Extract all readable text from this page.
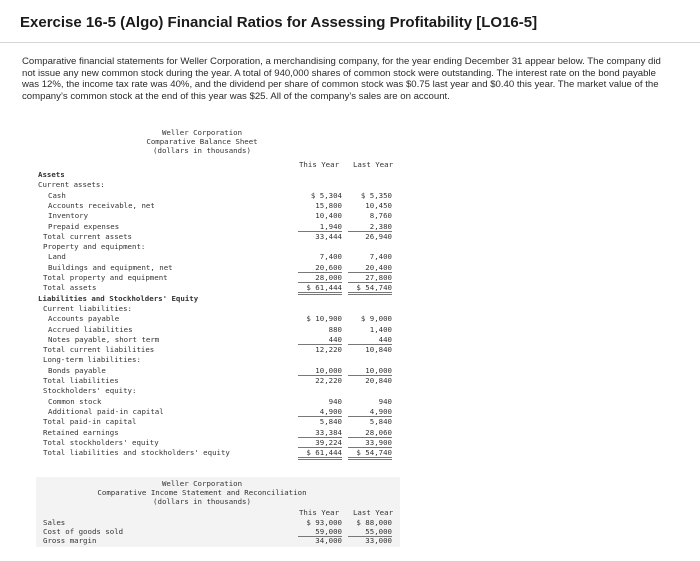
Exercise 16-5 (Algo) Financial Ratios for Assessing Profitability [LO16-5]
Comparative financial statements for Weller Corporation, a merchandising company, for the year ending December 31 appear below. The company did not issue any new common stock during the year. A total of 940,000 shares of common stock were outstanding. The interest rate on the bond payable was 12%, the income tax rate was 40%, and the dividend per share of common stock was $0.75 last year and $0.40 this year. The market value of the company’s common stock at the end of this year was $25. All of the company’s sales are on account.
Weller Corporation
Comparative Balance Sheet
(dollars in thousands)
This Year	Last Year
Assets
Current assets:
Cash	$ 5,304	$ 5,350
Accounts receivable, net	15,800	10,450
Inventory	10,400	8,760
Prepaid expenses	1,940	2,380
Total current assets	33,444	26,940
Property and equipment:
Land	7,400	7,400
Buildings and equipment, net	20,600	20,400
Total property and equipment	28,000	27,800
Total assets	$ 61,444	$ 54,740
Liabilities and Stockholders' Equity
Current liabilities:
Accounts payable	$ 10,900	$ 9,000
Accrued liabilities	880	1,400
Notes payable, short term	440	440
Total current liabilities	12,220	10,840
Long-term liabilities:
Bonds payable	10,000	10,000
Total liabilities	22,220	20,840
Stockholders' equity:
Common stock	940	940
Additional paid-in capital	4,900	4,900
Total paid-in capital	5,840	5,840
Retained earnings	33,384	28,060
Total stockholders' equity	39,224	33,900
Total liabilities and stockholders' equity	$ 61,444	$ 54,740
Weller Corporation
Comparative Income Statement and Reconciliation
(dollars in thousands)
This Year	Last Year
Sales	$ 93,000	$ 88,000
Cost of goods sold	59,000	55,000
Gross margin	34,000	33,000
